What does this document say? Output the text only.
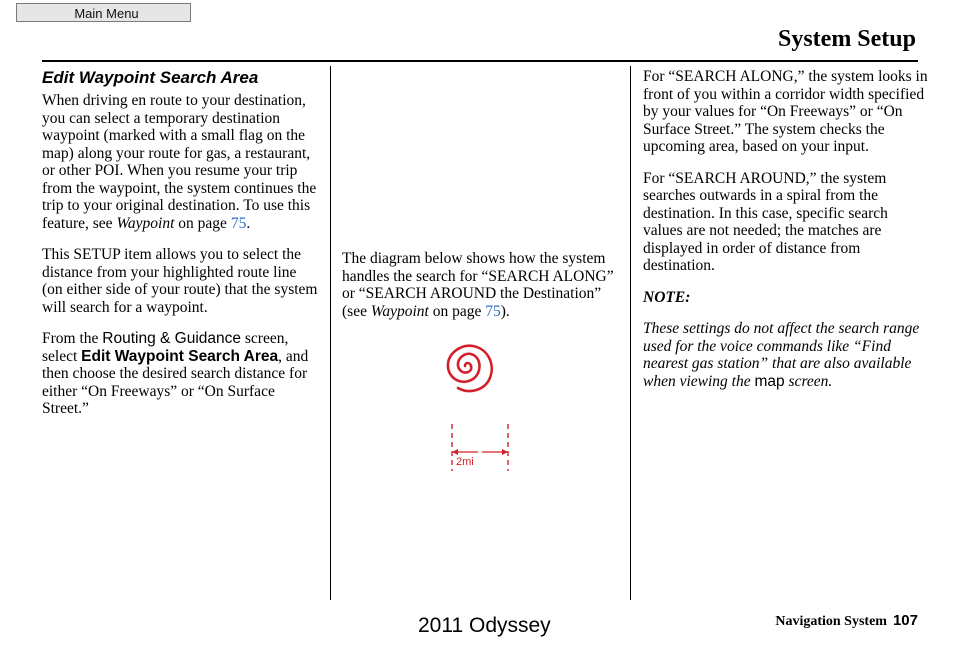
Main Menu
System Setup
Edit Waypoint Search Area

When driving en route to your destination, you can select a temporary destination waypoint (marked with a small flag on the map) along your route for gas, a restaurant, or other POI. When you resume your trip from the waypoint, the system continues the trip to your original destination. To use this feature, see Waypoint on page 75.

This SETUP item allows you to select the distance from your highlighted route line (on either side of your route) that the system will search for a waypoint.

From the Routing & Guidance screen, select Edit Waypoint Search Area, and then choose the desired search distance for either “On Freeways” or “On Surface Street.”

The diagram below shows how the system handles the search for “SEARCH ALONG” or “SEARCH AROUND the Destination” (see Waypoint on page 75).

2mi

For “SEARCH ALONG,” the system looks in front of you within a corridor width specified by your values for “On Freeways” or “On Surface Street.” The system checks the upcoming area, based on your input.

For “SEARCH AROUND,” the system searches outwards in a spiral from the destination. In this case, specific search values are not needed; the matches are displayed in order of distance from destination.

NOTE:

These settings do not affect the search range used for the voice commands like “Find nearest gas station” that are also available when viewing the map screen.

Navigation System 107
2011 Odyssey
